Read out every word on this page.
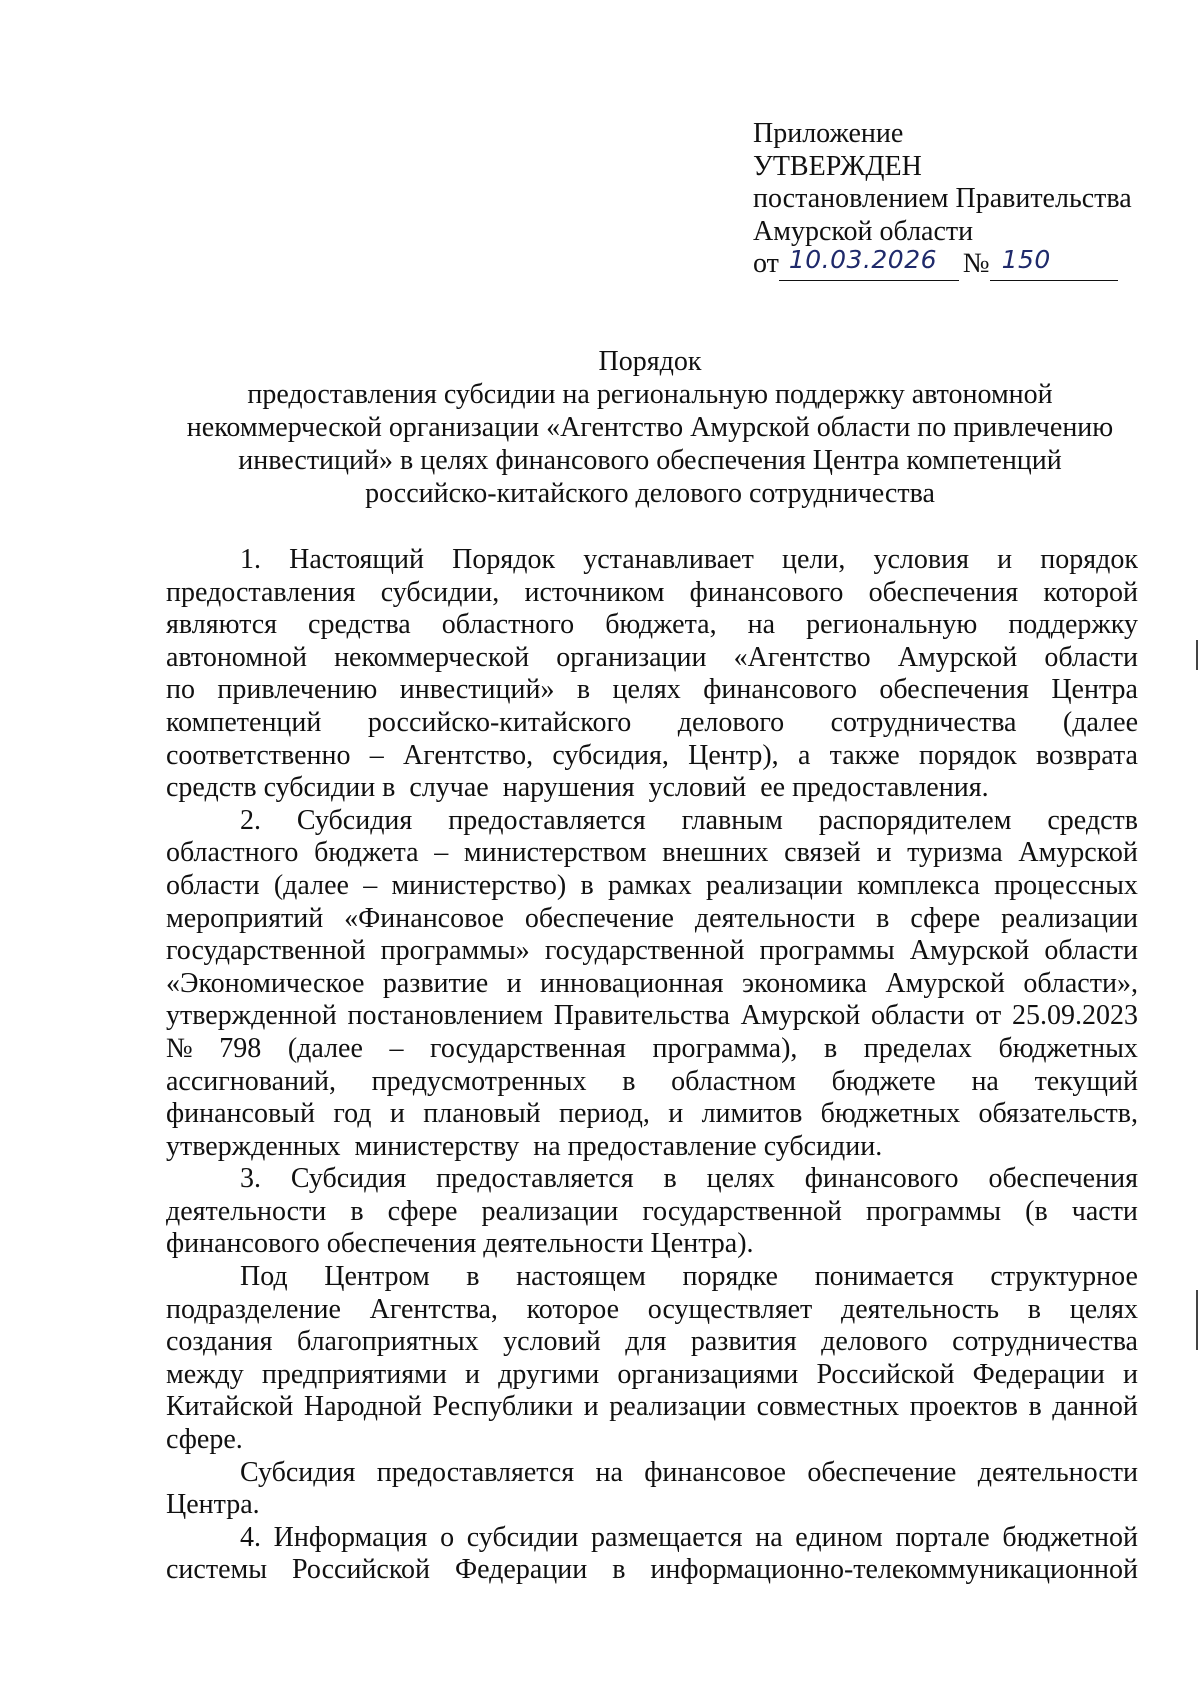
Приложение
УТВЕРЖДЕН
постановлением Правительства
Амурской области
от 10.03.2026 № 150
Порядок
предоставления субсидии на региональную поддержку автономной
некоммерческой организации «Агентство Амурской области по привлечению
инвестиций» в целях финансового обеспечения Центра компетенций
российско-китайского делового сотрудничества
1. Настоящий Порядок устанавливает цели, условия и порядок
предоставления субсидии, источником финансового обеспечения которой
являются средства областного бюджета, на региональную поддержку
автономной некоммерческой организации «Агентство Амурской области
по привлечению инвестиций» в целях финансового обеспечения Центра
компетенций российско-китайского делового сотрудничества (далее
соответственно – Агентство, субсидия, Центр), а также порядок возврата
средств субсидии в  случае  нарушения  условий  ее предоставления.
2. Субсидия предоставляется главным распорядителем средств
областного бюджета – министерством внешних связей и туризма Амурской
области (далее – министерство) в рамках реализации комплекса процессных
мероприятий «Финансовое обеспечение деятельности в сфере реализации
государственной программы» государственной программы Амурской области
«Экономическое развитие и инновационная экономика Амурской области»,
утвержденной постановлением Правительства Амурской области от 25.09.2023
№ 798 (далее – государственная программа), в пределах бюджетных
ассигнований, предусмотренных в областном бюджете на текущий
финансовый год и плановый период, и лимитов бюджетных обязательств,
утвержденных  министерству  на предоставление субсидии.
3. Субсидия предоставляется в целях финансового обеспечения
деятельности в сфере реализации государственной программы (в части
финансового обеспечения деятельности Центра).
Под Центром в настоящем порядке понимается структурное
подразделение Агентства, которое осуществляет деятельность в целях
создания благоприятных условий для развития делового сотрудничества
между предприятиями и другими организациями Российской Федерации и
Китайской Народной Республики и реализации совместных проектов в данной
сфере.
Субсидия предоставляется на финансовое обеспечение деятельности
Центра.
4. Информация о субсидии размещается на едином портале бюджетной
системы Российской Федерации в информационно-телекоммуникационной
